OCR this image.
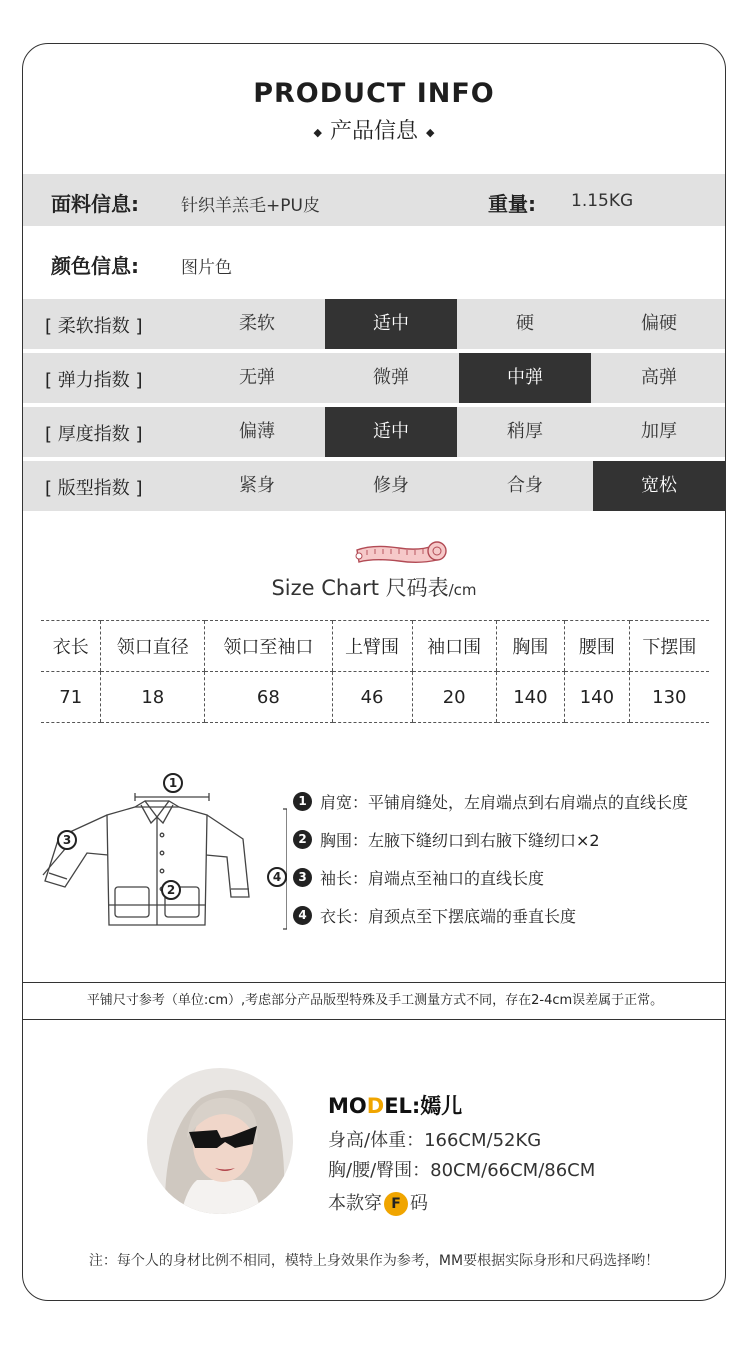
PRODUCT INFO
◆ 产品信息 ◆
面料信息: 针织羊羔毛+PU皮	重量: 1.15KG
颜色信息: 图片色
[ 柔软指数 ]	柔软	适中	硬	偏硬
[ 弹力指数 ]	无弹	微弹	中弹	高弹
[ 厚度指数 ]	偏薄	适中	稍厚	加厚
[ 版型指数 ]	紧身	修身	合身	宽松
Size Chart 尺码表/cm
衣长	领口直径	领口至袖口	上臂围	袖口围	胸围	腰围	下摆围
71	18	68	46	20	140	140	130
1
2
3
4
1 肩宽：平铺肩缝处，左肩端点到右肩端点的直线长度
2 胸围：左腋下缝纫口到右腋下缝纫口×2
3 袖长：肩端点至袖口的直线长度
4 衣长：肩颈点至下摆底端的垂直长度
平铺尺寸参考（单位:cm）,考虑部分产品版型特殊及手工测量方式不同，存在2-4cm误差属于正常。
MODEL:嫣儿
身高/体重：166CM/52KG
胸/腰/臀围：80CM/66CM/86CM
本款穿 F 码
注：每个人的身材比例不相同，模特上身效果作为参考，MM要根据实际身形和尺码选择哟！
